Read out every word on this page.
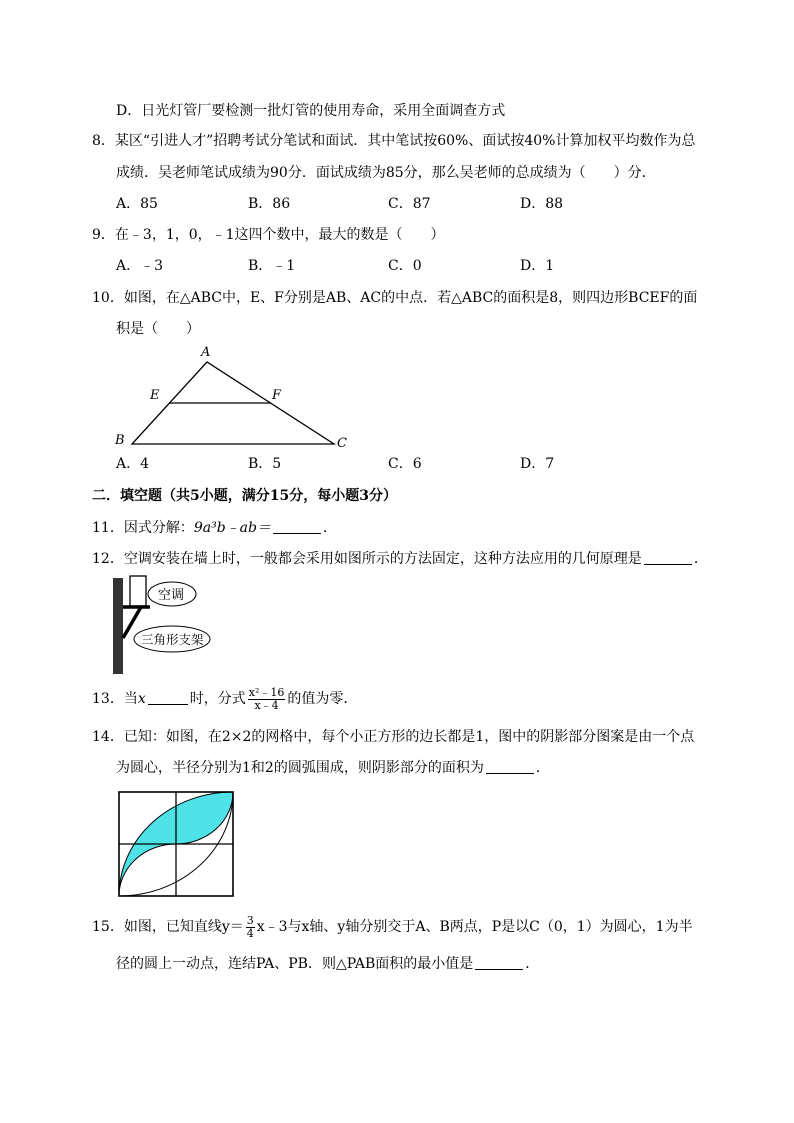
D．日光灯管厂要检测一批灯管的使用寿命，采用全面调查方式
8．某区“引进人才”招聘考试分笔试和面试．其中笔试按60%、面试按40%计算加权平均数作为总
成绩．吴老师笔试成绩为90分．面试成绩为85分，那么吴老师的总成绩为（　　）分．
A．85	B．86	C．87	D．88
9．在﹣3，1，0，﹣1这四个数中，最大的数是（　　）
A．﹣3	B．﹣1	C．0	D．1
10．如图，在△ABC中，E、F分别是AB、AC的中点．若△ABC的面积是8，则四边形BCEF的面
积是（　　）
A
E	F
B	C
A．4	B．5	C．6	D．7
二．填空题（共5小题，满分15分，每小题3分）
11．因式分解：9a³b﹣ab＝	．
12．空调安装在墙上时，一般都会采用如图所示的方法固定，这种方法应用的几何原理是	．
空调
三角形支架
13．当x	时，分式 $\frac{\text{x²﹣16}}{x﹣4}$ 的值为零．
14．已知：如图，在2×2的网格中，每个小正方形的边长都是1，图中的阴影部分图案是由一个点
为圆心，半径分别为1和2的圆弧围成，则阴影部分的面积为	．
15．如图，已知直线$y= \frac{3}{4}$ x﹣3与x轴、y轴分别交于A、B两点，P是以C（0，1）为圆心，1为半
径的圆上一动点，连结PA、PB．则△PAB面积的最小值是	．
